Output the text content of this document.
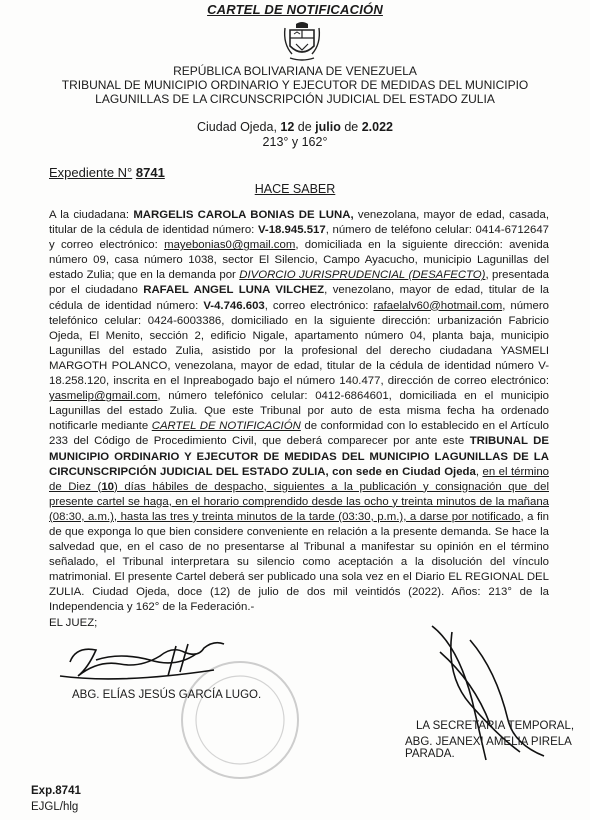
CARTEL DE NOTIFICACIÓN
REPÚBLICA BOLIVARIANA DE VENEZUELA
TRIBUNAL DE MUNICIPIO ORDINARIO Y EJECUTOR DE MEDIDAS DEL MUNICIPIO
LAGUNILLAS DE LA CIRCUNSCRIPCIÓN JUDICIAL DEL ESTADO ZULIA
Ciudad Ojeda, 12 de julio de 2.022
213° y 162°
Expediente N° 8741
HACE SABER

A la ciudadana: MARGELIS CAROLA BONIAS DE LUNA, venezolana, mayor de edad, casada, titular de la cédula de identidad número: V-18.945.517, número de teléfono celular: 0414-6712647 y correo electrónico: mayebonias0@gmail.com, domiciliada en la siguiente dirección: avenida número 09, casa número 1038, sector El Silencio, Campo Ayacucho, municipio Lagunillas del estado Zulia; que en la demanda por DIVORCIO JURISPRUDENCIAL (DESAFECTO), presentada por el ciudadano RAFAEL ANGEL LUNA VILCHEZ, venezolano, mayor de edad, titular de la cédula de identidad número: V-4.746.603, correo electrónico: rafaelalv60@hotmail.com, número telefónico celular: 0424-6003386, domiciliado en la siguiente dirección: urbanización Fabricio Ojeda, El Menito, sección 2, edificio Nigale, apartamento número 04, planta baja, municipio Lagunillas del estado Zulia, asistido por la profesional del derecho ciudadana YASMELI MARGOTH POLANCO, venezolana, mayor de edad, titular de la cédula de identidad número V-18.258.120, inscrita en el Inpreabogado bajo el número 140.477, dirección de correo electrónico: yasmelip@gmail.com, número telefónico celular: 0412-6864601, domiciliada en el municipio Lagunillas del estado Zulia. Que este Tribunal por auto de esta misma fecha ha ordenado notificarle mediante CARTEL DE NOTIFICACIÓN de conformidad con lo establecido en el Artículo 233 del Código de Procedimiento Civil, que deberá comparecer por ante este TRIBUNAL DE MUNICIPIO ORDINARIO Y EJECUTOR DE MEDIDAS DEL MUNICIPIO LAGUNILLAS DE LA CIRCUNSCRIPCIÓN JUDICIAL DEL ESTADO ZULIA, con sede en Ciudad Ojeda, en el término de Diez (10) días hábiles de despacho, siguientes a la publicación y consignación que del presente cartel se haga, en el horario comprendido desde las ocho y treinta minutos de la mañana (08:30, a.m.), hasta las tres y treinta minutos de la tarde (03:30, p.m.), a darse por notificado, a fin de que exponga lo que bien considere conveniente en relación a la presente demanda. Se hace la salvedad que, en el caso de no presentarse al Tribunal a manifestar su opinión en el término señalado, el Tribunal interpretara su silencio como aceptación a la disolución del vínculo matrimonial. El presente Cartel deberá ser publicado una sola vez en el Diario EL REGIONAL DEL ZULIA. Ciudad Ojeda, doce (12) de julio de dos mil veintidós (2022). Años: 213° de la Independencia y 162° de la Federación.-

EL JUEZ;

ABG. ELÍAS JESÚS GARCÍA LUGO.
LA SECRETARIA TEMPORAL,
ABG. JEANEXI AMELIA PIRELA PARADA.
Exp.8741
EJGL/hlg
